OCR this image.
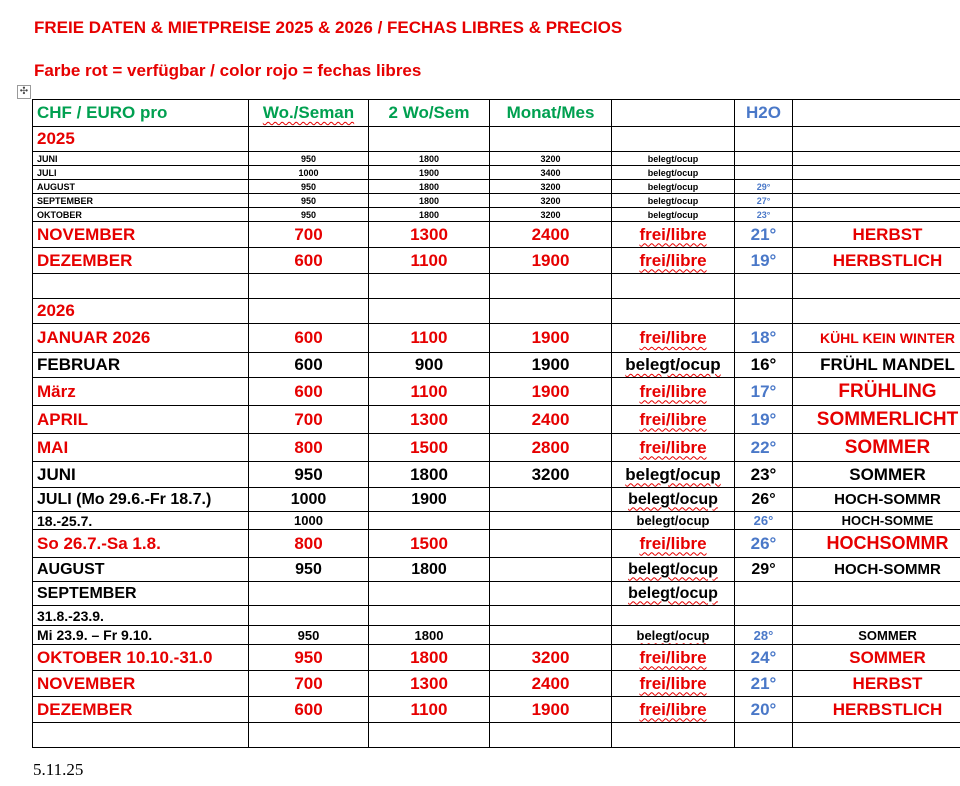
FREIE DATEN & MIETPREISE 2025 & 2026 / FECHAS LIBRES & PRECIOS
Farbe rot = verfügbar / color rojo = fechas libres
✣
CHF / EURO pro	Wo./Seman	2 Wo/Sem	Monat/Mes		H2O	
2025						
JUNI	950	1800	3200	belegt/ocup		
JULI	1000	1900	3400	belegt/ocup		
AUGUST	950	1800	3200	belegt/ocup	29°	
SEPTEMBER	950	1800	3200	belegt/ocup	27°	
OKTOBER	950	1800	3200	belegt/ocup	23°	
NOVEMBER	700	1300	2400	frei/libre	21°	HERBST
DEZEMBER	600	1100	1900	frei/libre	19°	HERBSTLICH

2026						
JANUAR 2026	600	1100	1900	frei/libre	18°	KÜHL KEIN WINTER
FEBRUAR	600	900	1900	belegt/ocup	16°	FRÜHL MANDEL
März	600	1100	1900	frei/libre	17°	FRÜHLING
APRIL	700	1300	2400	frei/libre	19°	SOMMERLICHT
MAI	800	1500	2800	frei/libre	22°	SOMMER
JUNI	950	1800	3200	belegt/ocup	23°	SOMMER
JULI (Mo 29.6.-Fr 18.7.)	1000	1900		belegt/ocup	26°	HOCH-SOMMR
18.-25.7.	1000			belegt/ocup	26°	HOCH-SOMME
So 26.7.-Sa 1.8.	800	1500		frei/libre	26°	HOCHSOMMR
AUGUST	950	1800		belegt/ocup	29°	HOCH-SOMMR
SEPTEMBER				belegt/ocup		
31.8.-23.9.						
Mi 23.9. – Fr 9.10.	950	1800		belegt/ocup	28°	SOMMER
OKTOBER 10.10.-31.0	950	1800	3200	frei/libre	24°	SOMMER
NOVEMBER	700	1300	2400	frei/libre	21°	HERBST
DEZEMBER	600	1100	1900	frei/libre	20°	HERBSTLICH

5.11.25
